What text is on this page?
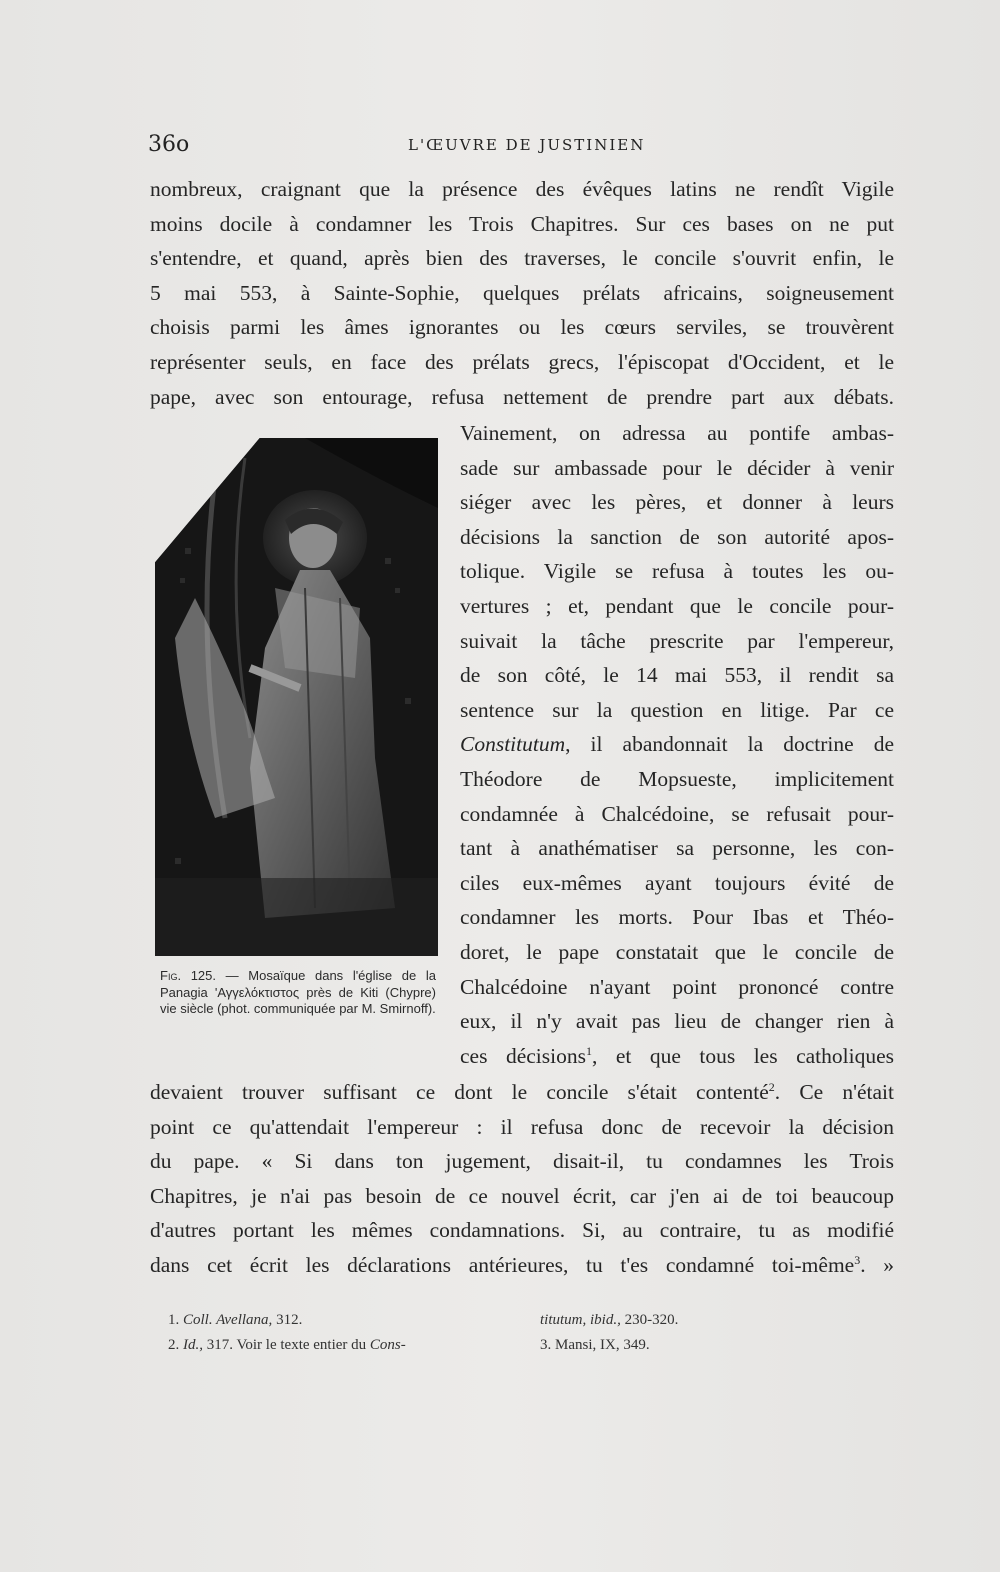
36o	L'ŒUVRE DE JUSTINIEN

nombreux, craignant que la présence des évêques latins ne rendît Vigile

moins docile à condamner les Trois Chapitres. Sur ces bases on ne put

s'entendre, et quand, après bien des traverses, le concile s'ouvrit enfin, le

5 mai 553, à Sainte-Sophie, quelques prélats africains, soigneusement

choisis parmi les âmes ignorantes ou les cœurs serviles, se trouvèrent

représenter seuls, en face des prélats grecs, l'épiscopat d'Occident, et le

pape, avec son entourage, refusa nettement de prendre part aux débats.

Vainement, on adressa au pontife ambas-

sade sur ambassade pour le décider à venir

siéger avec les pères, et donner à leurs

décisions la sanction de son autorité apos-

tolique. Vigile se refusa à toutes les ou-

vertures ; et, pendant que le concile pour-

suivait la tâche prescrite par l'empereur,

de son côté, le 14 mai 553, il rendit sa

sentence sur la question en litige. Par ce

Constitutum, il abandonnait la doctrine de

Théodore de Mopsueste, implicitement

condamnée à Chalcédoine, se refusait pour-

tant à anathématiser sa personne, les con-

ciles eux-mêmes ayant toujours évité de

condamner les morts. Pour Ibas et Théo-

doret, le pape constatait que le concile de

Chalcédoine n'ayant point prononcé contre

eux, il n'y avait pas lieu de changer rien à

ces décisions$^1$, et que tous les catholiques

Fig. 125. — Mosaïque dans l'église de la Panagia 'Αγγελόκτιστος près de Kiti (Chypre) vie siècle (phot. communiquée par M. Smirnoff).

devaient trouver suffisant ce dont le concile s'était contenté$^2$. Ce n'était

point ce qu'attendait l'empereur : il refusa donc de recevoir la décision

du pape. « Si dans ton jugement, disait-il, tu condamnes les Trois

Chapitres, je n'ai pas besoin de ce nouvel écrit, car j'en ai de toi beaucoup

d'autres portant les mêmes condamnations. Si, au contraire, tu as modifié

dans cet écrit les déclarations antérieures, tu t'es condamné toi-même$^3$. »

1. Coll. Avellana, 312.
2. Id., 317. Voir le texte entier du Cons-
titutum, ibid., 230-320.
3. Mansi, IX, 349.
